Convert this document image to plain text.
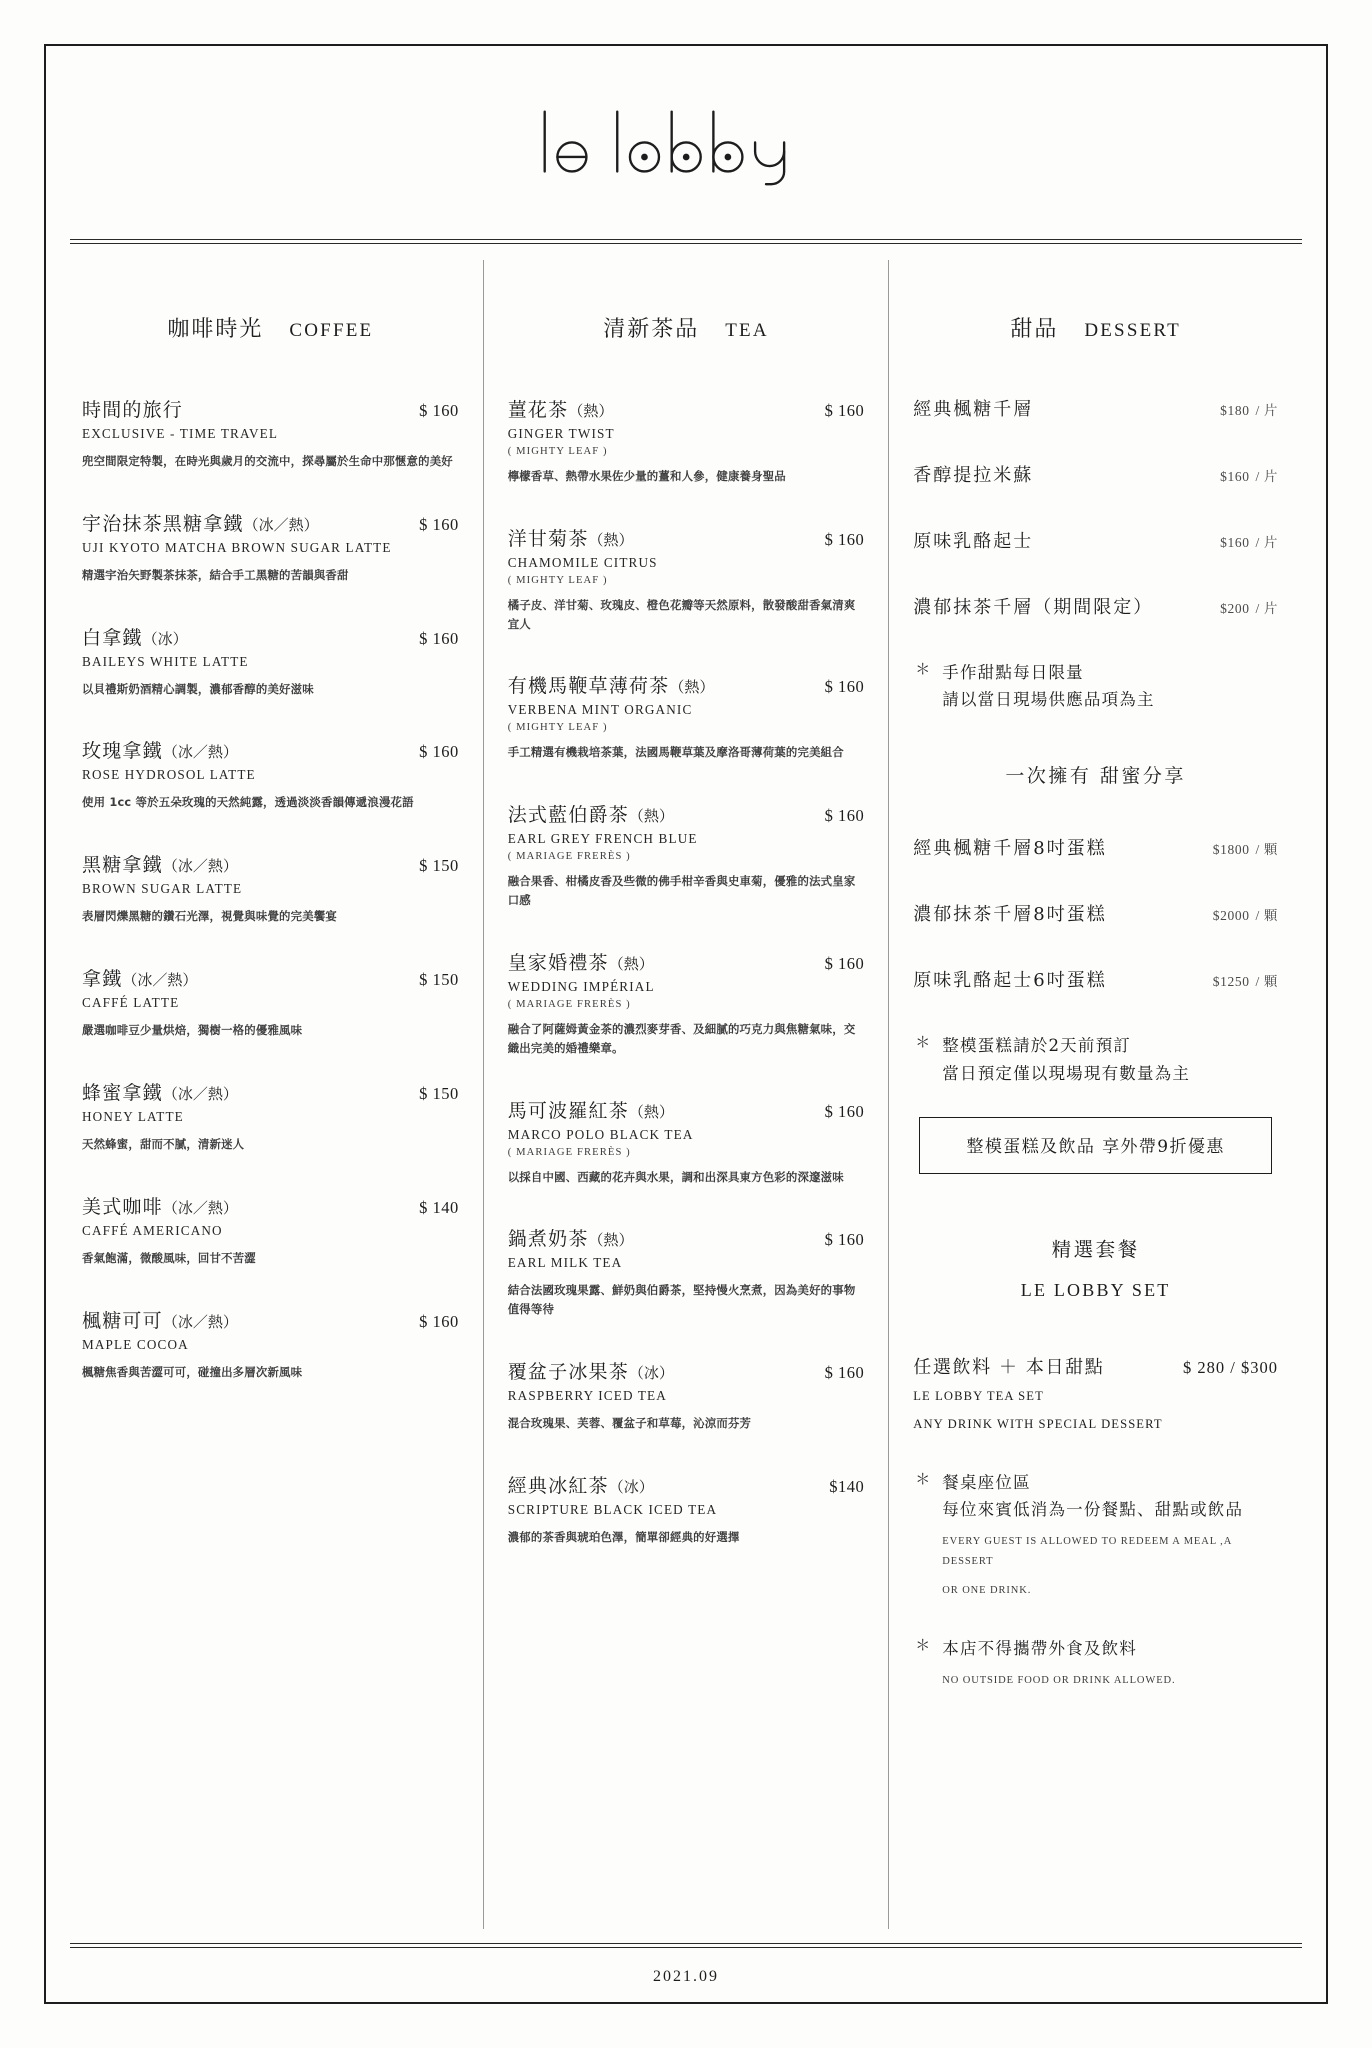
咖啡時光 COFFEE
時間的旅行	$ 160
EXCLUSIVE - TIME TRAVEL
兜空間限定特製，在時光與歲月的交流中，探尋屬於生命中那愜意的美好
宇治抹茶黑糖拿鐵（冰／熱）	$ 160
UJI KYOTO MATCHA BROWN SUGAR LATTE
精選宇治矢野製茶抹茶，結合手工黑糖的苦韻與香甜
白拿鐵（冰）	$ 160
BAILEYS WHITE LATTE
以貝禮斯奶酒精心調製，濃郁香醇的美好滋味
玫瑰拿鐵（冰／熱）	$ 160
ROSE HYDROSOL LATTE
使用 1cc 等於五朵玫瑰的天然純露，透過淡淡香韻傳遞浪漫花語
黑糖拿鐵（冰／熱）	$ 150
BROWN SUGAR LATTE
表層閃爍黑糖的鑽石光澤，視覺與味覺的完美饗宴
拿鐵（冰／熱）	$ 150
CAFFÉ LATTE
嚴選咖啡豆少量烘焙，獨樹一格的優雅風味
蜂蜜拿鐵（冰／熱）	$ 150
HONEY LATTE
天然蜂蜜，甜而不膩，清新迷人
美式咖啡（冰／熱）	$ 140
CAFFÉ AMERICANO
香氣飽滿，微酸風味，回甘不苦澀
楓糖可可（冰／熱）	$ 160
MAPLE COCOA
楓糖焦香與苦澀可可，碰撞出多層次新風味
清新茶品 TEA
薑花茶（熱）	$ 160
GINGER TWIST
( MIGHTY LEAF )
檸檬香草、熱帶水果佐少量的薑和人參，健康養身聖品
洋甘菊茶（熱）	$ 160
CHAMOMILE CITRUS
( MIGHTY LEAF )
橘子皮、洋甘菊、玫瑰皮、橙色花瓣等天然原料，散發酸甜香氣清爽宜人
有機馬鞭草薄荷茶（熱）	$ 160
VERBENA MINT ORGANIC
( MIGHTY LEAF )
手工精選有機栽培茶葉，法國馬鞭草葉及摩洛哥薄荷葉的完美組合
法式藍伯爵茶（熱）	$ 160
EARL GREY FRENCH BLUE
( MARIAGE FRERÈS )
融合果香、柑橘皮香及些微的佛手柑辛香與史車菊，優雅的法式皇家口感
皇家婚禮茶（熱）	$ 160
WEDDING IMPÉRIAL
( MARIAGE FRERÈS )
融合了阿薩姆黃金茶的濃烈麥芽香、及細膩的巧克力與焦糖氣味，交織出完美的婚禮樂章。
馬可波羅紅茶（熱）	$ 160
MARCO POLO BLACK TEA
( MARIAGE FRERÈS )
以採自中國、西藏的花卉與水果，調和出深具東方色彩的深邃滋味
鍋煮奶茶（熱）	$ 160
EARL MILK TEA
結合法國玫瑰果露、鮮奶與伯爵茶，堅持慢火烹煮，因為美好的事物值得等待
覆盆子冰果茶（冰）	$ 160
RASPBERRY ICED TEA
混合玫瑰果、芙蓉、覆盆子和草莓，沁涼而芬芳
經典冰紅茶（冰）	$140
SCRIPTURE BLACK ICED TEA
濃郁的茶香與琥珀色澤，簡單卻經典的好選擇
甜品 DESSERT
經典楓糖千層	$180 / 片
香醇提拉米蘇	$160 / 片
原味乳酪起士	$160 / 片
濃郁抹茶千層（期間限定）	$200 / 片
＊ 手作甜點每日限量
請以當日現場供應品項為主
一次擁有 甜蜜分享
經典楓糖千層8吋蛋糕	$1800 / 顆
濃郁抹茶千層8吋蛋糕	$2000 / 顆
原味乳酪起士6吋蛋糕	$1250 / 顆
＊ 整模蛋糕請於2天前預訂
當日預定僅以現場現有數量為主
整模蛋糕及飲品 享外帶9折優惠
精選套餐
LE LOBBY SET
任選飲料 ＋ 本日甜點	$ 280 / $300
LE LOBBY TEA SET
ANY DRINK WITH SPECIAL DESSERT
＊ 餐桌座位區
每位來賓低消為一份餐點、甜點或飲品
EVERY GUEST IS ALLOWED TO REDEEM A MEAL ,A DESSERT
OR ONE DRINK.
＊ 本店不得攜帶外食及飲料
NO OUTSIDE FOOD OR DRINK ALLOWED.
2021.09
